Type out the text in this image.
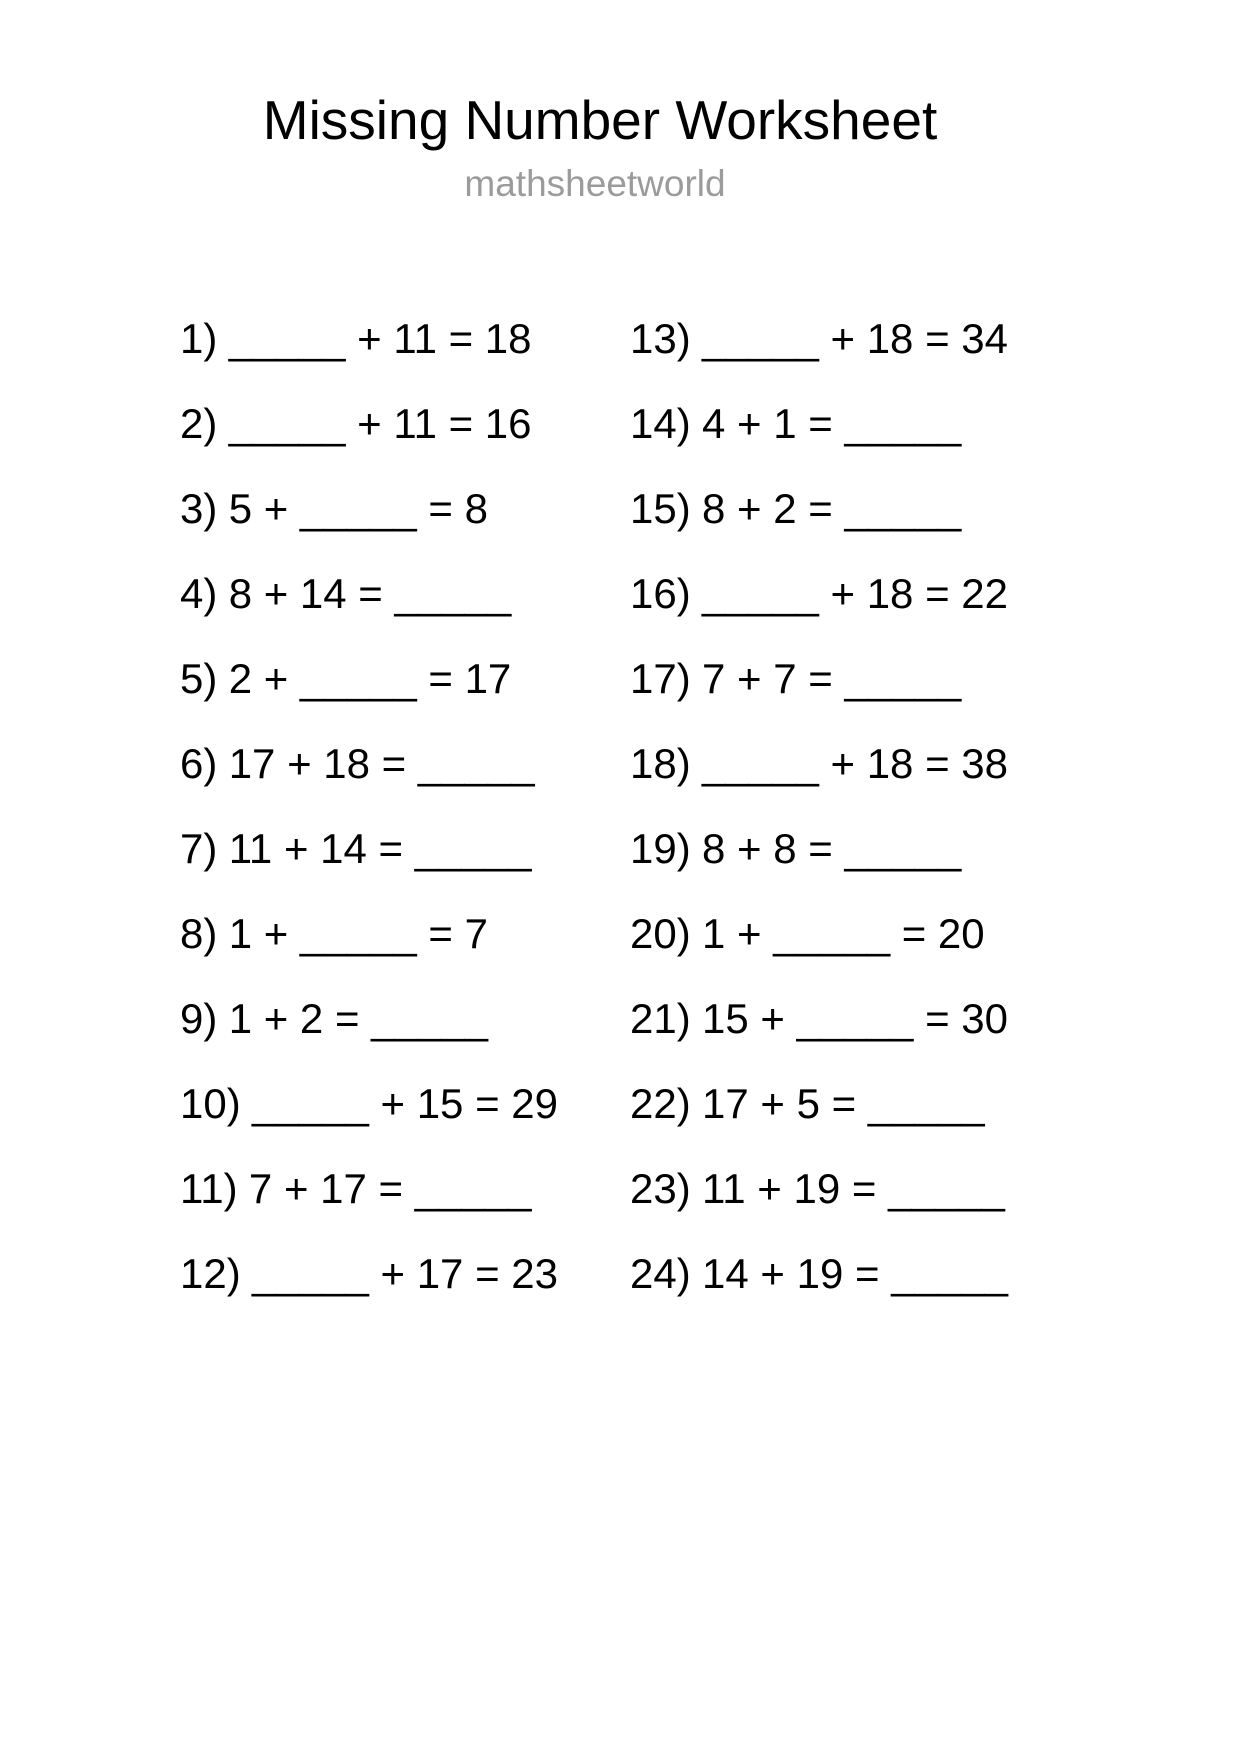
Missing Number Worksheet
mathsheetworld
1) _____ + 11 = 18
2) _____ + 11 = 16
3) 5 + _____ = 8
4) 8 + 14 = _____
5) 2 + _____ = 17
6) 17 + 18 = _____
7) 11 + 14 = _____
8) 1 + _____ = 7
9) 1 + 2 = _____
10) _____ + 15 = 29
11) 7 + 17 = _____
12) _____ + 17 = 23
13) _____ + 18 = 34
14) 4 + 1 = _____
15) 8 + 2 = _____
16) _____ + 18 = 22
17) 7 + 7 = _____
18) _____ + 18 = 38
19) 8 + 8 = _____
20) 1 + _____ = 20
21) 15 + _____ = 30
22) 17 + 5 = _____
23) 11 + 19 = _____
24) 14 + 19 = _____
